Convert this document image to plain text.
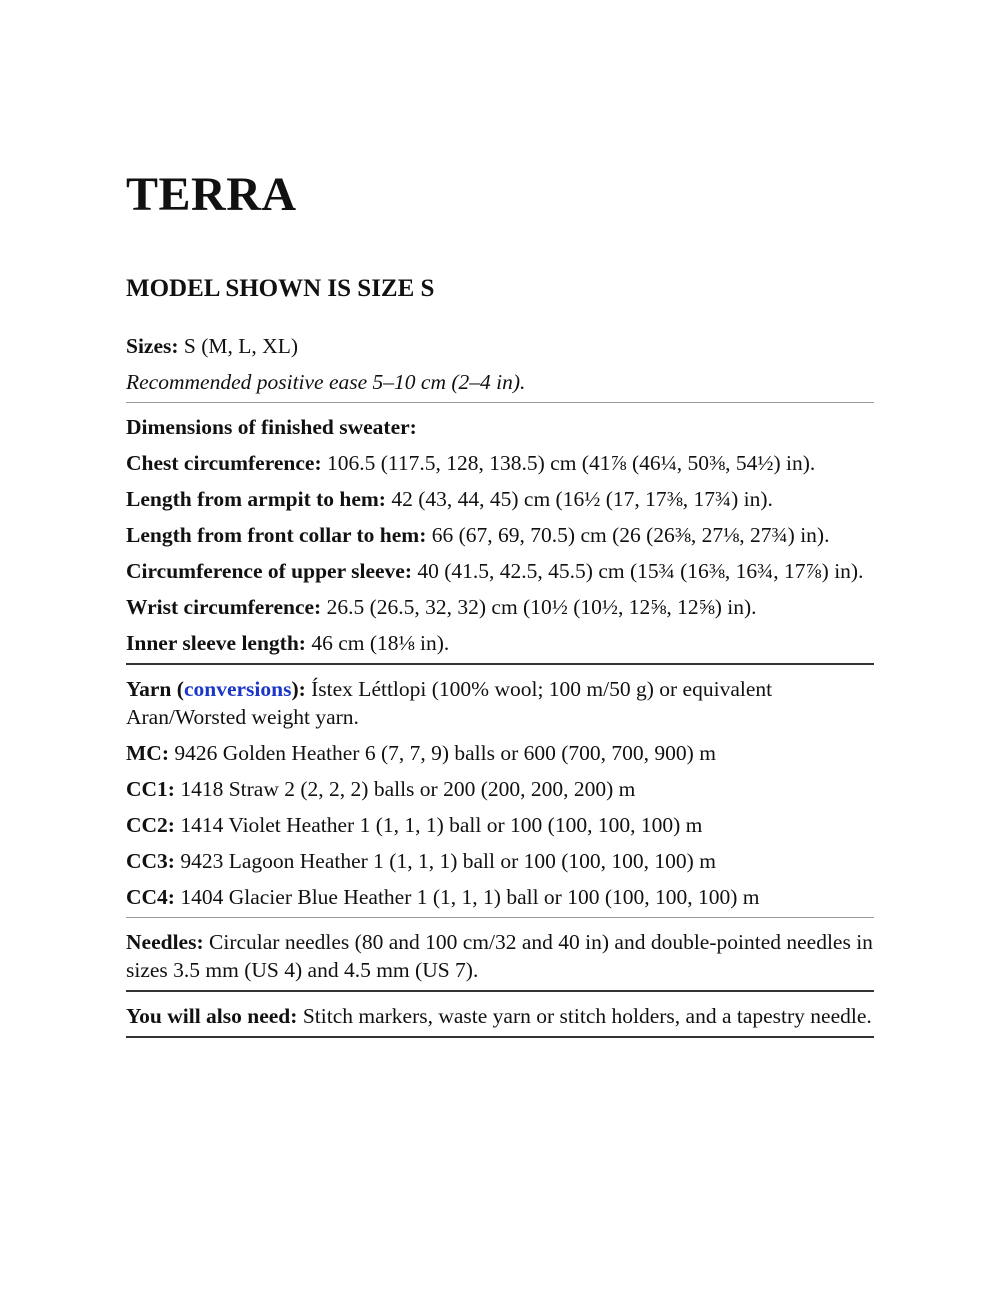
TERRA
MODEL SHOWN IS SIZE S

Sizes: S (M, L, XL)

Recommended positive ease 5–10 cm (2–4 in).

Dimensions of finished sweater:

Chest circumference: 106.5 (117.5, 128, 138.5) cm (41⅞ (46¼, 50⅜, 54½) in).

Length from armpit to hem: 42 (43, 44, 45) cm (16½ (17, 17⅜, 17¾) in).

Length from front collar to hem: 66 (67, 69, 70.5) cm (26 (26⅜, 27⅛, 27¾) in).

Circumference of upper sleeve: 40 (41.5, 42.5, 45.5) cm (15¾ (16⅜, 16¾, 17⅞) in).

Wrist circumference: 26.5 (26.5, 32, 32) cm (10½ (10½, 12⅝, 12⅝) in).

Inner sleeve length: 46 cm (18⅛ in).

Yarn (conversions): Ístex Léttlopi (100% wool; 100 m/50 g) or equivalent Aran/Worsted weight yarn.

MC: 9426 Golden Heather 6 (7, 7, 9) balls or 600 (700, 700, 900) m

CC1: 1418 Straw 2 (2, 2, 2) balls or 200 (200, 200, 200) m

CC2: 1414 Violet Heather 1 (1, 1, 1) ball or 100 (100, 100, 100) m

CC3: 9423 Lagoon Heather 1 (1, 1, 1) ball or 100 (100, 100, 100) m

CC4: 1404 Glacier Blue Heather 1 (1, 1, 1) ball or 100 (100, 100, 100) m

Needles: Circular needles (80 and 100 cm/32 and 40 in) and double-pointed needles in sizes 3.5 mm (US 4) and 4.5 mm (US 7).

You will also need: Stitch markers, waste yarn or stitch holders, and a tapestry needle.
